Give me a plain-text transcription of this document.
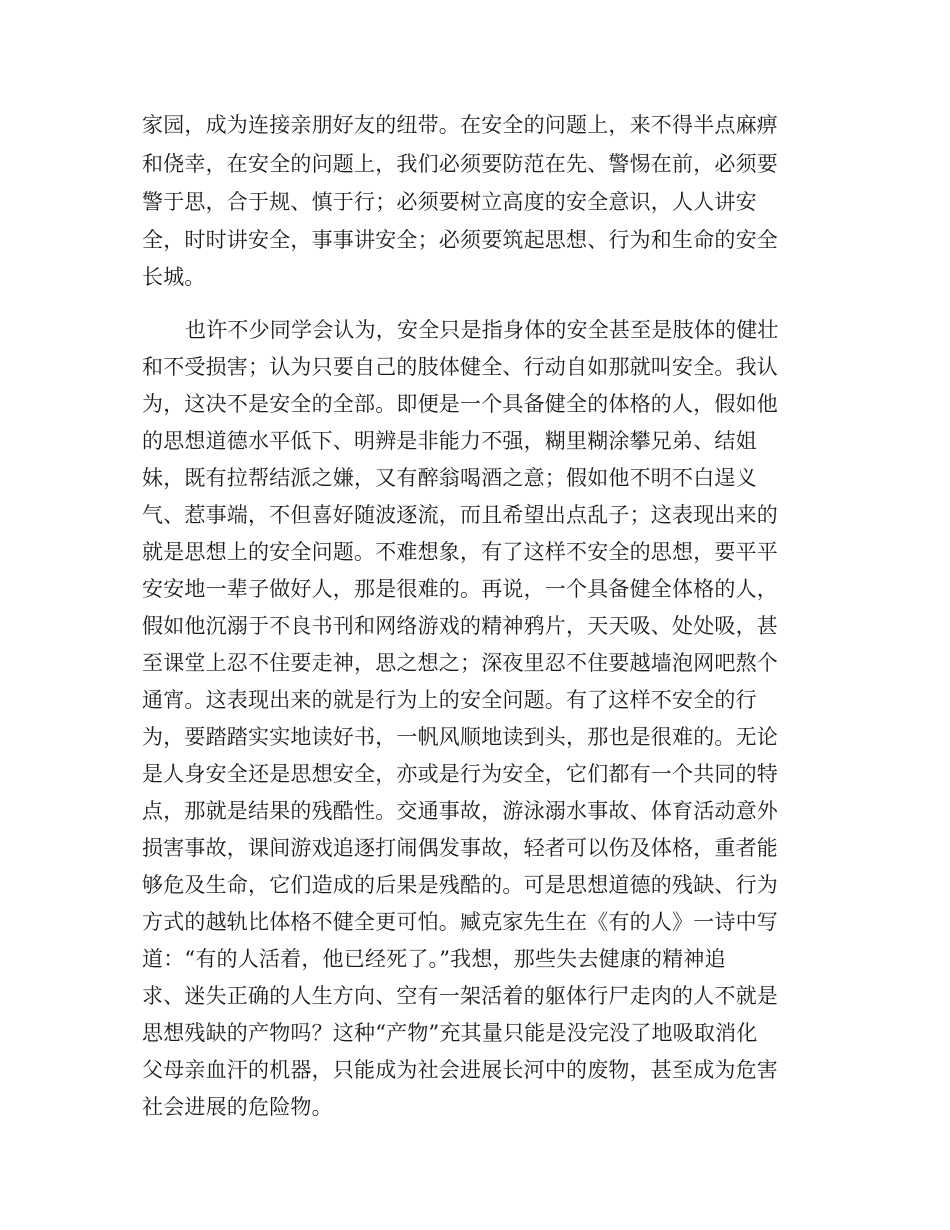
家园，成为连接亲朋好友的纽带。在安全的问题上，来不得半点麻痹
和侥幸，在安全的问题上，我们必须要防范在先、警惕在前，必须要
警于思，合于规、慎于行；必须要树立高度的安全意识，人人讲安
全，时时讲安全，事事讲安全；必须要筑起思想、行为和生命的安全
长城。
也许不少同学会认为，安全只是指身体的安全甚至是肢体的健壮
和不受损害；认为只要自己的肢体健全、行动自如那就叫安全。我认
为，这决不是安全的全部。即便是一个具备健全的体格的人，假如他
的思想道德水平低下、明辨是非能力不强，糊里糊涂攀兄弟、结姐
妹，既有拉帮结派之嫌，又有醉翁喝酒之意；假如他不明不白逞义
气、惹事端，不但喜好随波逐流，而且希望出点乱子；这表现出来的
就是思想上的安全问题。不难想象，有了这样不安全的思想，要平平
安安地一辈子做好人，那是很难的。再说，一个具备健全体格的人，
假如他沉溺于不良书刊和网络游戏的精神鸦片，天天吸、处处吸，甚
至课堂上忍不住要走神，思之想之；深夜里忍不住要越墙泡网吧熬个
通宵。这表现出来的就是行为上的安全问题。有了这样不安全的行
为，要踏踏实实地读好书，一帆风顺地读到头，那也是很难的。无论
是人身安全还是思想安全，亦或是行为安全，它们都有一个共同的特
点，那就是结果的残酷性。交通事故，游泳溺水事故、体育活动意外
损害事故，课间游戏追逐打闹偶发事故，轻者可以伤及体格，重者能
够危及生命，它们造成的后果是残酷的。可是思想道德的残缺、行为
方式的越轨比体格不健全更可怕。臧克家先生在《有的人》一诗中写
道：“有的人活着，他已经死了。”我想，那些失去健康的精神追
求、迷失正确的人生方向、空有一架活着的躯体行尸走肉的人不就是
思想残缺的产物吗？这种“产物”充其量只能是没完没了地吸取消化
父母亲血汗的机器，只能成为社会进展长河中的废物，甚至成为危害
社会进展的危险物。
